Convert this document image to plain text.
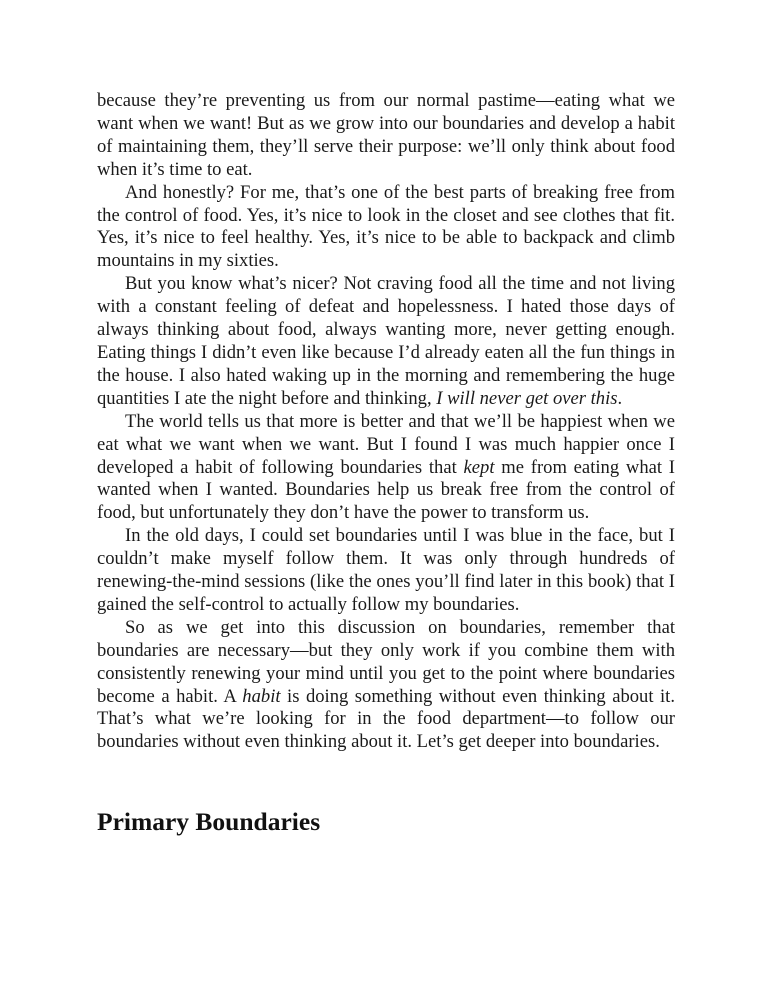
because they’re preventing us from our normal pastime—eating what we want when we want! But as we grow into our boundaries and develop a habit of maintaining them, they’ll serve their purpose: we’ll only think about food when it’s time to eat.

And honestly? For me, that’s one of the best parts of breaking free from the control of food. Yes, it’s nice to look in the closet and see clothes that fit. Yes, it’s nice to feel healthy. Yes, it’s nice to be able to backpack and climb mountains in my sixties.

But you know what’s nicer? Not craving food all the time and not living with a constant feeling of defeat and hopelessness. I hated those days of always thinking about food, always wanting more, never getting enough. Eating things I didn’t even like because I’d already eaten all the fun things in the house. I also hated waking up in the morning and remembering the huge quantities I ate the night before and thinking, I will never get over this.

The world tells us that more is better and that we’ll be happiest when we eat what we want when we want. But I found I was much happier once I developed a habit of following boundaries that kept me from eating what I wanted when I wanted. Boundaries help us break free from the control of food, but unfortunately they don’t have the power to transform us.

In the old days, I could set boundaries until I was blue in the face, but I couldn’t make myself follow them. It was only through hundreds of renewing-the-mind sessions (like the ones you’ll find later in this book) that I gained the self-control to actually follow my boundaries.

So as we get into this discussion on boundaries, remember that boundaries are necessary—but they only work if you combine them with consistently renewing your mind until you get to the point where boundaries become a habit. A habit is doing something without even thinking about it. That’s what we’re looking for in the food department—to follow our boundaries without even thinking about it. Let’s get deeper into boundaries.

Primary Boundaries
